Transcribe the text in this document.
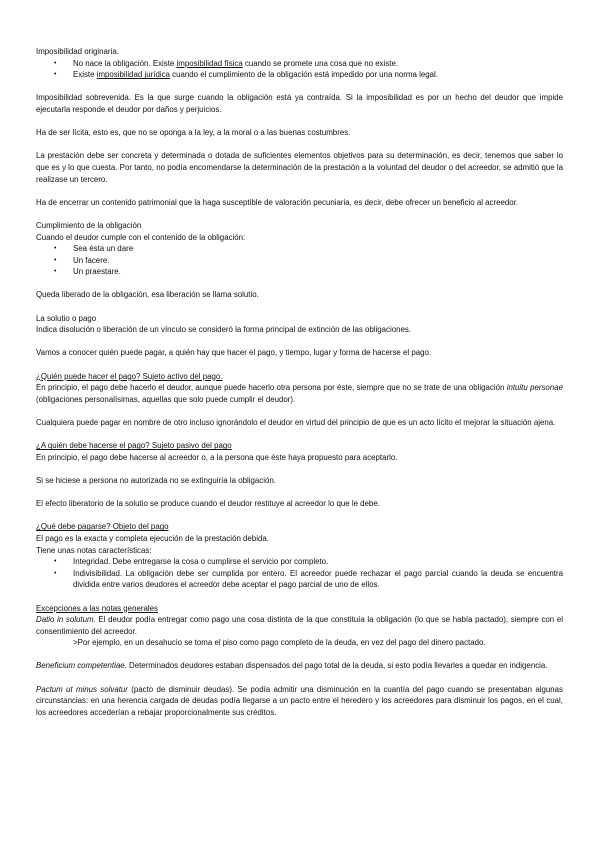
Imposibilidad originaria.

• No nace la obligación. Existe imposibilidad física cuando se promete una cosa que no existe.
• Existe imposibilidad jurídica cuando el cumplimiento de la obligación está impedido por una norma legal.

Imposibilidad sobrevenida. Es la que surge cuando la obligación está ya contraída. Si la imposibilidad es por un hecho del deudor que impide ejecutarla responde el deudor por daños y perjuicios.

Ha de ser lícita, esto es, que no se oponga a la ley, a la moral o a las buenas costumbres.

La prestación debe ser concreta y determinada o dotada de suficientes elementos objetivos para su determinación, es decir, tenemos que saber lo que es y lo que cuesta. Por tanto, no podía encomendarse la determinación de la prestación a la voluntad del deudor o del acreedor, se admitió que la realizase un tercero.

Ha de encerrar un contenido patrimonial que la haga susceptible de valoración pecuniaria, es decir, debe ofrecer un beneficio al acreedor.

Cumplimiento de la obligación

Cuando el deudor cumple con el contenido de la obligación:

• Sea ésta un dare
• Un facere.
• Un praestare.

Queda liberado de la obligación, esa liberación se llama solutio.

La solutio o pago

Indica disolución o liberación de un vínculo se consideró la forma principal de extinción de las obligaciones.

Vamos a conocer quién puede pagar, a quién hay que hacer el pago, y tiempo, lugar y forma de hacerse el pago.

¿Quién puede hacer el pago? Sujeto activo del pago.

En principio, el pago debe hacerlo el deudor, aunque puede hacerlo otra persona por éste, siempre que no se trate de una obligación intuitu personae (obligaciones personalísimas, aquellas que solo puede cumplir el deudor).

Cualquiera puede pagar en nombre de otro incluso ignorándolo el deudor en virtud del principio de que es un acto lícito el mejorar la situación ajena.

¿A quién debe hacerse el pago? Sujeto pasivo del pago

En principio, el pago debe hacerse al acreedor o, a la persona que éste haya propuesto para aceptarlo.

Si se hiciese a persona no autorizada no se extinguiría la obligación.

El efecto liberatorio de la solutio se produce cuando el deudor restituye al acreedor lo que le debe.

¿Qué debe pagarse? Objeto del pago

El pago es la exacta y completa ejecución de la prestación debida.

Tiene unas notas características:

• Integridad. Debe entregarse la cosa o cumplirse el servicio por completo.
• Indivisibilidad. La obligación debe ser cumplida por entero. El acreedor puede rechazar el pago parcial cuando la deuda se encuentra dividida entre varios deudores el acreedor debe aceptar el pago parcial de uno de ellos.

Excepciones a las notas generales

Datio in solutum. El deudor podía entregar como pago una cosa distinta de la que constituía la obligación (lo que se había pactado), siempre con el consentimiento del acreedor.

>Por ejemplo, en un desahucio se toma el piso como pago completo de la deuda, en vez del pago del dinero pactado.

Beneficium competentiae. Determinados deudores estaban dispensados del pago total de la deuda, si esto podía llevarles a quedar en indigencia.

Pactum ut minus solvatur (pacto de disminuir deudas). Se podía admitir una disminución en la cuantía del pago cuando se presentaban algunas circunstancias: en una herencia cargada de deudas podía llegarse a un pacto entre el heredero y los acreedores para disminuir los pagos, en el cual, los acreedores accederían a rebajar proporcionalmente sus créditos.
